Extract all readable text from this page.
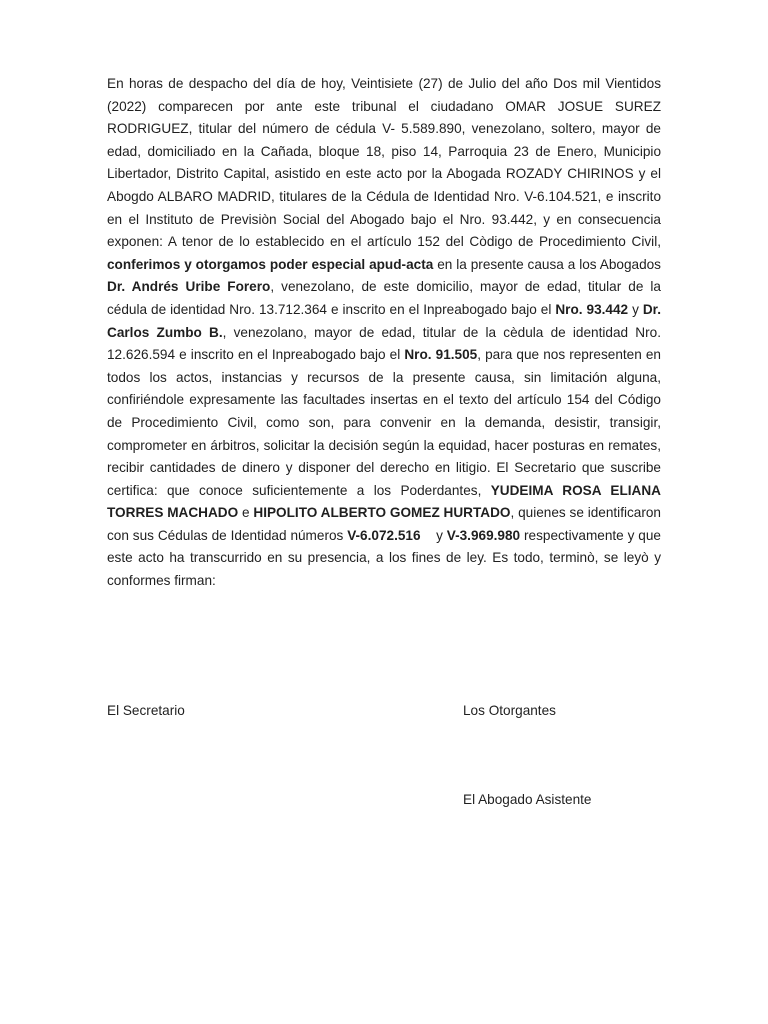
En horas de despacho del día de hoy, Veintisiete (27) de Julio del año Dos mil Vientidos (2022) comparecen por ante este tribunal el ciudadano OMAR JOSUE SUREZ RODRIGUEZ, titular del número de cédula V- 5.589.890, venezolano, soltero, mayor de edad, domiciliado en la Cañada, bloque 18, piso 14, Parroquia 23 de Enero, Municipio Libertador, Distrito Capital, asistido en este acto por la Abogada ROZADY CHIRINOS y el Abogdo ALBARO MADRID, titulares de la Cédula de Identidad Nro. V-6.104.521, e inscrito en el Instituto de Previsiòn Social del Abogado bajo el Nro. 93.442, y en consecuencia exponen: A tenor de lo establecido en el artículo 152 del Còdigo de Procedimiento Civil, conferimos y otorgamos poder especial apud-acta en la presente causa a los Abogados Dr. Andrés Uribe Forero, venezolano, de este domicilio, mayor de edad, titular de la cédula de identidad Nro. 13.712.364 e inscrito en el Inpreabogado bajo el Nro. 93.442 y Dr. Carlos Zumbo B., venezolano, mayor de edad, titular de la cèdula de identidad Nro. 12.626.594 e inscrito en el Inpreabogado bajo el Nro. 91.505, para que nos representen en todos los actos, instancias y recursos de la presente causa, sin limitación alguna, confiriéndole expresamente las facultades insertas en el texto del artículo 154 del Código de Procedimiento Civil, como son, para convenir en la demanda, desistir, transigir, comprometer en árbitros, solicitar la decisión según la equidad, hacer posturas en remates, recibir cantidades de dinero y disponer del derecho en litigio. El Secretario que suscribe certifica: que conoce suficientemente a los Poderdantes, YUDEIMA ROSA ELIANA TORRES MACHADO e HIPOLITO ALBERTO GOMEZ HURTADO, quienes se identificaron con sus Cédulas de Identidad números V-6.072.516    y V-3.969.980 respectivamente y que este acto ha transcurrido en su presencia, a los fines de ley. Es todo, terminò, se leyò y conformes firman:

El Secretario	Los Otorgantes

El Abogado Asistente
